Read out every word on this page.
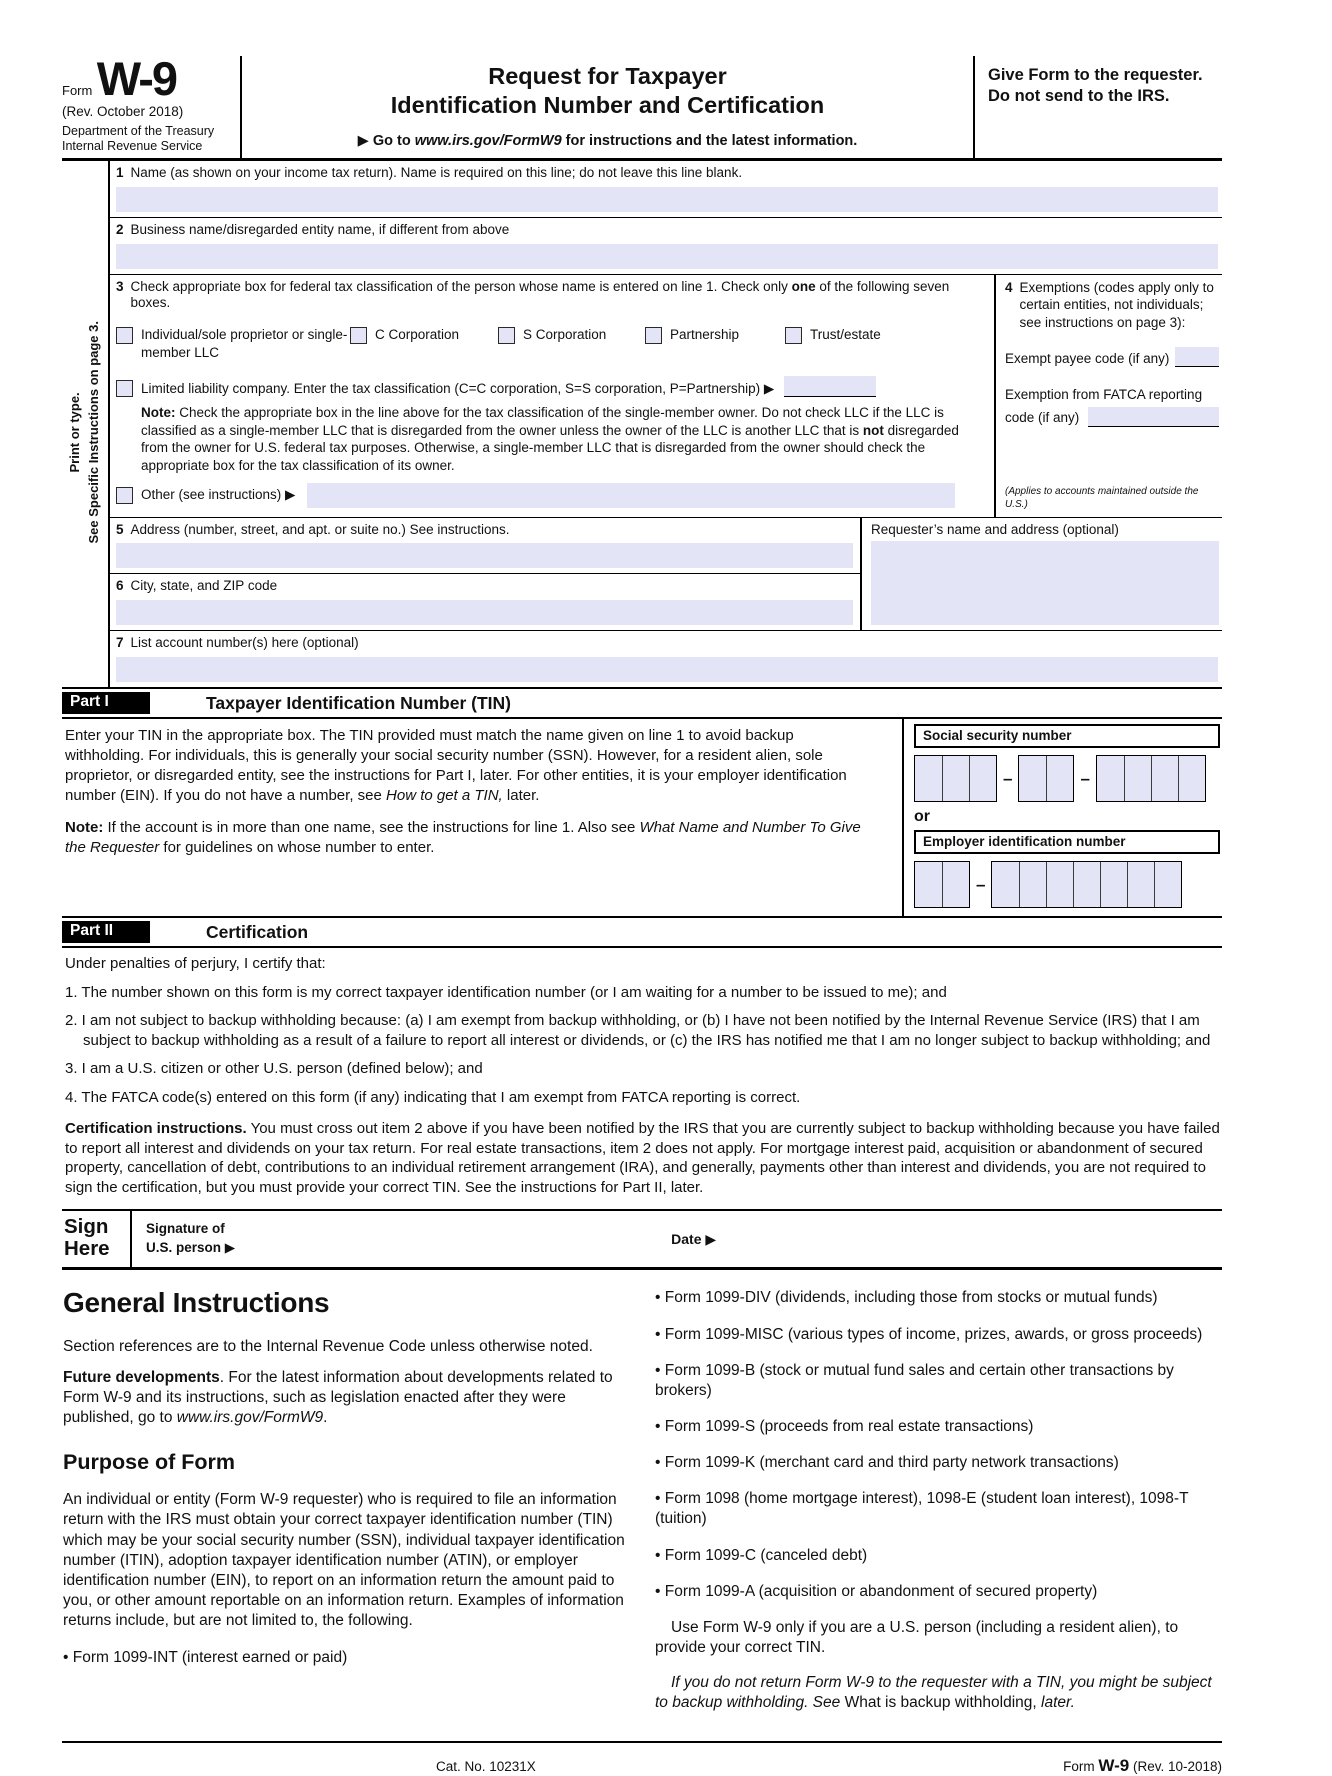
Form W-9
(Rev. October 2018)
Department of the Treasury
Internal Revenue Service
Request for Taxpayer
Identification Number and Certification
▶ Go to www.irs.gov/FormW9 for instructions and the latest information.
Give Form to the requester. Do not send to the IRS.
Print or type. See Specific Instructions on page 3.
1 Name (as shown on your income tax return). Name is required on this line; do not leave this line blank.
2 Business name/disregarded entity name, if different from above
3 Check appropriate box for federal tax classification of the person whose name is entered on line 1. Check only one of the following seven boxes.
Individual/sole proprietor or single-member LLC
C Corporation	S Corporation	Partnership	Trust/estate
Limited liability company. Enter the tax classification (C=C corporation, S=S corporation, P=Partnership) ▶
Note: Check the appropriate box in the line above for the tax classification of the single-member owner. Do not check LLC if the LLC is classified as a single-member LLC that is disregarded from the owner unless the owner of the LLC is another LLC that is not disregarded from the owner for U.S. federal tax purposes. Otherwise, a single-member LLC that is disregarded from the owner should check the appropriate box for the tax classification of its owner.
Other (see instructions) ▶
4 Exemptions (codes apply only to certain entities, not individuals; see instructions on page 3):
Exempt payee code (if any)
Exemption from FATCA reporting
code (if any)
(Applies to accounts maintained outside the U.S.)
5 Address (number, street, and apt. or suite no.) See instructions.
6 City, state, and ZIP code
Requester’s name and address (optional)
7 List account number(s) here (optional)
Part I	Taxpayer Identification Number (TIN)
Enter your TIN in the appropriate box. The TIN provided must match the name given on line 1 to avoid backup withholding. For individuals, this is generally your social security number (SSN). However, for a resident alien, sole proprietor, or disregarded entity, see the instructions for Part I, later. For other entities, it is your employer identification number (EIN). If you do not have a number, see How to get a TIN, later.
Note: If the account is in more than one name, see the instructions for line 1. Also see What Name and Number To Give the Requester for guidelines on whose number to enter.
Social security number
–	–
or
Employer identification number
–
Part II	Certification
Under penalties of perjury, I certify that:
1. The number shown on this form is my correct taxpayer identification number (or I am waiting for a number to be issued to me); and
2. I am not subject to backup withholding because: (a) I am exempt from backup withholding, or (b) I have not been notified by the Internal Revenue Service (IRS) that I am subject to backup withholding as a result of a failure to report all interest or dividends, or (c) the IRS has notified me that I am no longer subject to backup withholding; and
3. I am a U.S. citizen or other U.S. person (defined below); and
4. The FATCA code(s) entered on this form (if any) indicating that I am exempt from FATCA reporting is correct.
Certification instructions. You must cross out item 2 above if you have been notified by the IRS that you are currently subject to backup withholding because you have failed to report all interest and dividends on your tax return. For real estate transactions, item 2 does not apply. For mortgage interest paid, acquisition or abandonment of secured property, cancellation of debt, contributions to an individual retirement arrangement (IRA), and generally, payments other than interest and dividends, you are not required to sign the certification, but you must provide your correct TIN. See the instructions for Part II, later.
Sign
Here
Signature of
U.S. person ▶
Date ▶
General Instructions
Section references are to the Internal Revenue Code unless otherwise noted.
Future developments. For the latest information about developments related to Form W-9 and its instructions, such as legislation enacted after they were published, go to www.irs.gov/FormW9.
Purpose of Form
An individual or entity (Form W-9 requester) who is required to file an information return with the IRS must obtain your correct taxpayer identification number (TIN) which may be your social security number (SSN), individual taxpayer identification number (ITIN), adoption taxpayer identification number (ATIN), or employer identification number (EIN), to report on an information return the amount paid to you, or other amount reportable on an information return. Examples of information returns include, but are not limited to, the following.
• Form 1099-INT (interest earned or paid)
• Form 1099-DIV (dividends, including those from stocks or mutual funds)
• Form 1099-MISC (various types of income, prizes, awards, or gross proceeds)
• Form 1099-B (stock or mutual fund sales and certain other transactions by brokers)
• Form 1099-S (proceeds from real estate transactions)
• Form 1099-K (merchant card and third party network transactions)
• Form 1098 (home mortgage interest), 1098-E (student loan interest), 1098-T (tuition)
• Form 1099-C (canceled debt)
• Form 1099-A (acquisition or abandonment of secured property)
Use Form W-9 only if you are a U.S. person (including a resident alien), to provide your correct TIN.
If you do not return Form W-9 to the requester with a TIN, you might be subject to backup withholding. See What is backup withholding, later.
Cat. No. 10231X	Form W-9 (Rev. 10-2018)
